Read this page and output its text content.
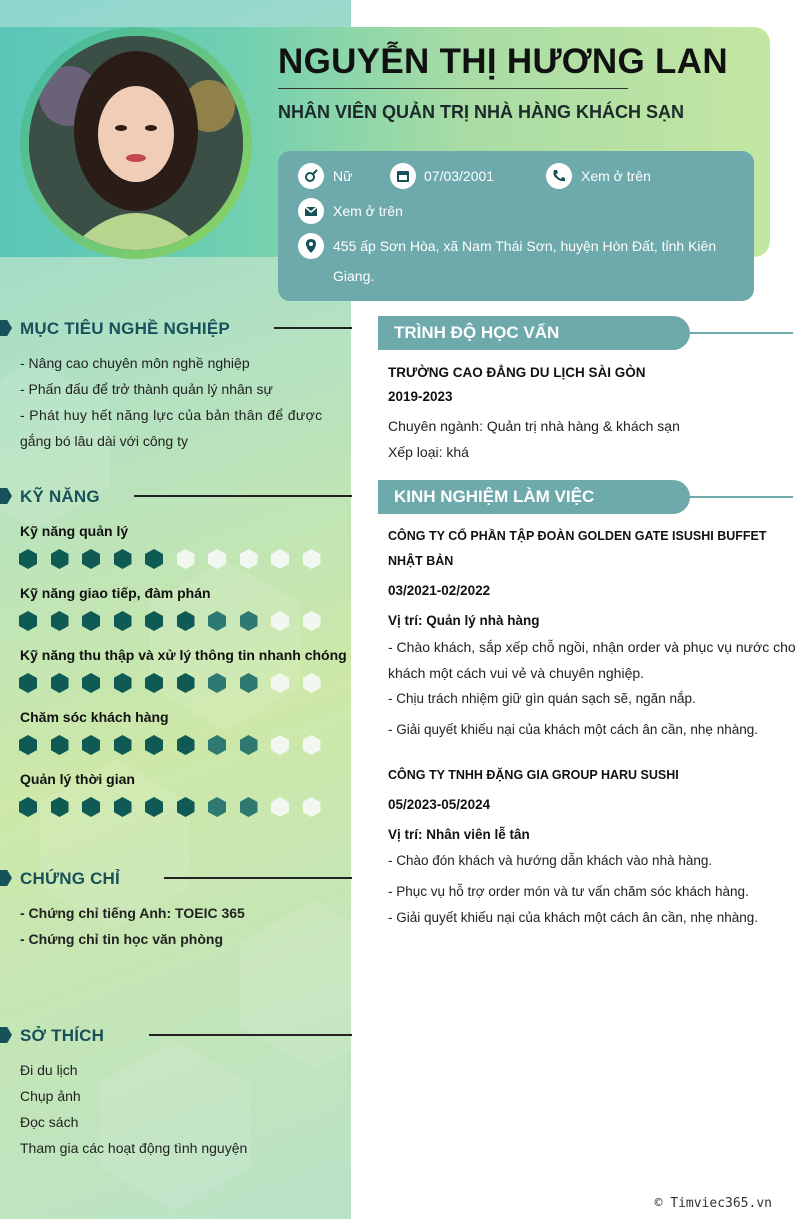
NGUYỄN THỊ HƯƠNG LAN
NHÂN VIÊN QUẢN TRỊ NHÀ HÀNG KHÁCH SẠN
Nữ	07/03/2001	Xem ở trên
Xem ở trên
455 ấp Sơn Hòa, xã Nam Thái Sơn, huyện Hòn Đất, tỉnh Kiên
Giang.
MỤC TIÊU NGHỀ NGHIỆP
- Nâng cao chuyên môn nghề nghiệp
- Phấn đấu để trở thành quản lý nhân sự
- Phát huy hết năng lực của bản thân để được
gắng bó lâu dài với công ty
KỸ NĂNG
Kỹ năng quản lý
Kỹ năng giao tiếp, đàm phán
Kỹ năng thu thập và xử lý thông tin nhanh chóng
Chăm sóc khách hàng
Quản lý thời gian
CHỨNG CHỈ
- Chứng chỉ tiếng Anh: TOEIC 365
- Chứng chỉ tin học văn phòng
SỞ THÍCH
Đi du lịch
Chụp ảnh
Đọc sách
Tham gia các hoạt động tình nguyện
TRÌNH ĐỘ HỌC VẤN
TRƯỜNG CAO ĐẲNG DU LỊCH SÀI GÒN
2019-2023
Chuyên ngành: Quản trị nhà hàng & khách sạn
Xếp loại: khá
KINH NGHIỆM LÀM VIỆC
CÔNG TY CỔ PHẦN TẬP ĐOÀN GOLDEN GATE ISUSHI BUFFET
NHẬT BẢN
03/2021-02/2022
Vị trí: Quản lý nhà hàng
- Chào khách, sắp xếp chỗ ngồi, nhận order và phục vụ nước cho
khách một cách vui vẻ và chuyên nghiệp.
- Chịu trách nhiệm giữ gìn quán sạch sẽ, ngăn nắp.
- Giải quyết khiếu nại của khách một cách ân cần, nhẹ nhàng.
CÔNG TY TNHH ĐẶNG GIA GROUP HARU SUSHI
05/2023-05/2024
Vị trí: Nhân viên lễ tân
- Chào đón khách và hướng dẫn khách vào nhà hàng.
- Phục vụ hỗ trợ order món và tư vấn chăm sóc khách hàng.
- Giải quyết khiếu nại của khách một cách ân cần, nhẹ nhàng.
© Timviec365.vn
